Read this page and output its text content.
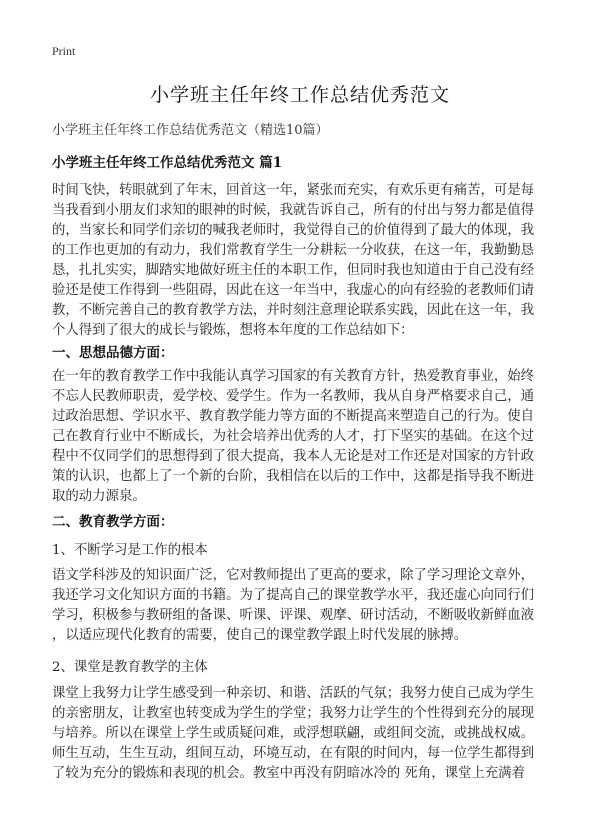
Print
小学班主任年终工作总结优秀范文
小学班主任年终工作总结优秀范文（精选10篇）
小学班主任年终工作总结优秀范文 篇1
时间飞快，转眼就到了年末，回首这一年，紧张而充实，有欢乐更有痛苦，可是每
当我看到小朋友们求知的眼神的时候，我就告诉自己，所有的付出与努力都是值得
的，当家长和同学们亲切的喊我老师时，我觉得自己的价值得到了最大的体现，我
的工作也更加的有动力，我们常教育学生一分耕耘一分收获，在这一年，我勤勤恳
恳，扎扎实实，脚踏实地做好班主任的本职工作，但同时我也知道由于自己没有经
验还是使工作得到一些阻碍，因此在这一年当中，我虚心的向有经验的老教师们请
教，不断完善自己的教育教学方法，并时刻注意理论联系实践，因此在这一年，我
个人得到了很大的成长与锻炼，想将本年度的工作总结如下：
一、思想品德方面：
在一年的教育教学工作中我能认真学习国家的有关教育方针，热爱教育事业，始终
不忘人民教师职责，爱学校、爱学生。作为一名教师，我从自身严格要求自己，通
过政治思想、学识水平、教育教学能力等方面的不断提高来塑造自己的行为。使自
己在教育行业中不断成长，为社会培养出优秀的人才，打下坚实的基础。在这个过
程中不仅同学们的思想得到了很大提高，我本人无论是对工作还是对国家的方针政
策的认识，也都上了一个新的台阶，我相信在以后的工作中，这都是指导我不断进
取的动力源泉。
二、教育教学方面：
1、不断学习是工作的根本
语文学科涉及的知识面广泛，它对教师提出了更高的要求，除了学习理论文章外，
我还学习文化知识方面的书籍。为了提高自己的课堂教学水平，我还虚心向同行们
学习，积极参与教研组的备课、听课、评课、观摩、研讨活动，不断吸收新鲜血液
，以适应现代化教育的需要，使自己的课堂教学跟上时代发展的脉搏。
2、课堂是教育教学的主体
课堂上我努力让学生感受到一种亲切、和谐、活跃的气氛；我努力使自己成为学生
的亲密朋友，让教室也转变成为学生的学堂；我努力让学生的个性得到充分的展现
与培养。所以在课堂上学生或质疑问难，或浮想联翩，或组间交流，或挑战权威。
师生互动，生生互动，组间互动，环境互动，在有限的时间内，每一位学生都得到
了较为充分的锻炼和表现的机会。教室中再没有阴暗冰冷的 死角，课堂上充满着
